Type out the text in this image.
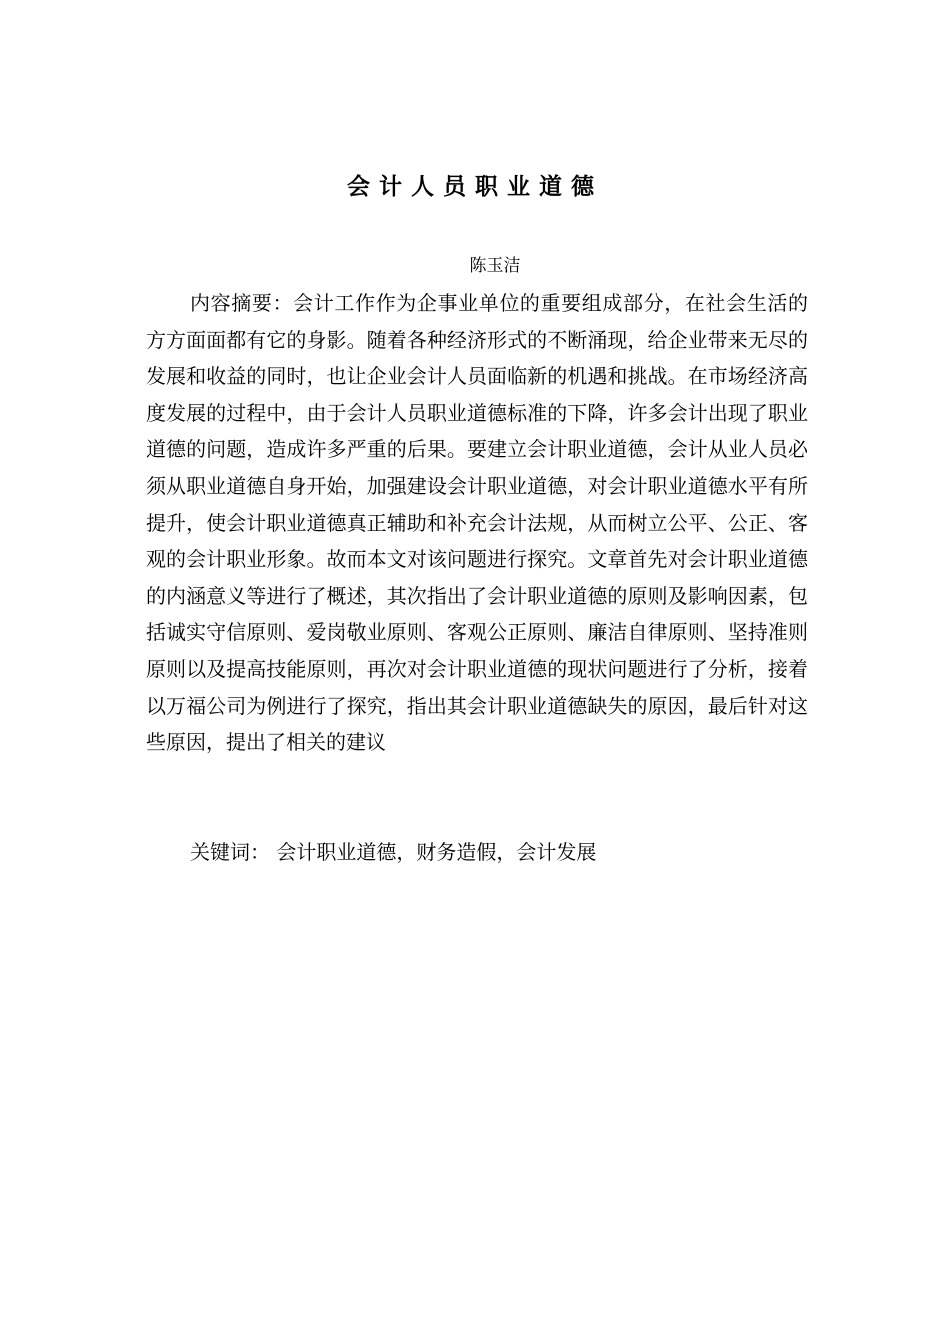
会计人员职业道德
陈玉洁

内容摘要：会计工作作为企事业单位的重要组成部分，在社会生活的方方面面都有它的身影。随着各种经济形式的不断涌现，给企业带来无尽的发展和收益的同时，也让企业会计人员面临新的机遇和挑战。在市场经济高度发展的过程中，由于会计人员职业道德标准的下降，许多会计出现了职业道德的问题，造成许多严重的后果。要建立会计职业道德，会计从业人员必须从职业道德自身开始，加强建设会计职业道德，对会计职业道德水平有所提升，使会计职业道德真正辅助和补充会计法规，从而树立公平、公正、客观的会计职业形象。故而本文对该问题进行探究。文章首先对会计职业道德的内涵意义等进行了概述，其次指出了会计职业道德的原则及影响因素，包括诚实守信原则、爱岗敬业原则、客观公正原则、廉洁自律原则、坚持准则原则以及提高技能原则，再次对会计职业道德的现状问题进行了分析，接着以万福公司为例进行了探究，指出其会计职业道德缺失的原因，最后针对这些原因，提出了相关的建议

关键词： 会计职业道德，财务造假，会计发展
